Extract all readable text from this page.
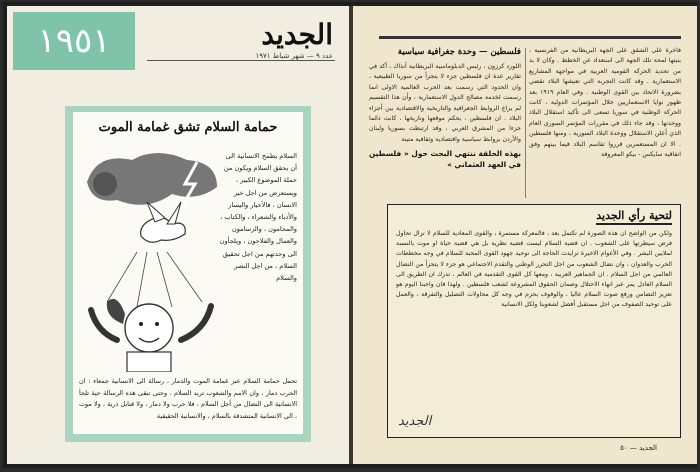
١٩٥١	الجديد
عدد ٩ — شهر شباط ١٩٧١
حمامة السلام تشق غمامة الموت
السلام يطمح الانسانية الى أن يحقق السلام ويكون من حملة الموضوع الكبير ، ويستعرض من اجل خير الانسان ، فالأخيار واليسار والأدباء والشعراء ، والكتاب ، والمحامون ، والرسامون والعمال والفلاحون ، ويلجأون الى وحدتهم من اجل تحقيق السلام ، من اجل النصر والسلام
تحمل حمامة السلام عبر غمامة الموت والدمار ، رسالة الى الانسانية جمعاء : ان الحرب دمار ، وان الامم والشعوب تريد السلام . وحتى تبقى هذه الرسالة حية تلجأ الانسانية الى النضال من أجل السلام ، فلا حرب ولا دمار ، ولا قنابل ذرية ، ولا موت ، الى الانسانية المتشدقة بالسلام ، والانسانية الحقيقية
فاخرة على الشقق على الجهة البريطانية من الفرنسية ، بنيتها لمحة تلك الجهة الى استعداد عن الخطط . وكان لا بد من تحديد الحركة القومية العربية في مواجهة المشاريع الاستعمارية . وقد كانت التجربة التي تعيشها البلاد تقضي بضرورة الاتحاد بين القوى الوطنية . وفي العام ١٩١٩ بعد ظهور نوايا الاستعماريين خلال المؤتمرات الدولية ، كانت الحركة الوطنية في سوريا تسعى الى تأكيد استقلال البلاد ووحدتها ، وقد جاء ذلك في مقررات المؤتمر السوري العام الذي أعلن الاستقلال ووحدة البلاد السورية ، ومنها فلسطين . الا ان المستعمرين قرروا تقاسم البلاد فيما بينهم وفق اتفاقية سايكس - بيكو المعروفة
فلسطين — وحدة جغرافية سياسية
اللورد كرزون ، رئيس الدبلوماسية البريطانية آنذاك ، أكد في تقارير عدة ان فلسطين جزء لا يتجزأ من سوريا الطبيعية ، وان الحدود التي رسمت بعد الحرب العالمية الاولى انما رسمت لخدمة مصالح الدول الاستعمارية ، وأن هذا التقسيم لم يراع الروابط الجغرافية والتاريخية والاقتصادية بين أجزاء البلاد . ان فلسطين ، بحكم موقعها وتاريخها ، كانت دائما جزءا من المشرق العربي ، وقد ارتبطت بسوريا ولبنان والأردن بروابط سياسية واقتصادية وثقافية متينة
بهذه الحلقة ننتهي البحث حول « فلسطين في العهد العثماني »
لتحية رأي الجديد
ولكن من الواضح ان هذه الصورة لم تكتمل بعد ، فالمعركة مستمرة ، والقوى المعادية للسلام لا تزال تحاول فرض سيطرتها على الشعوب . ان قضية السلام ليست قضية نظرية بل هي قضية حياة او موت بالنسبة لملايين البشر . وفي الأعوام الاخيرة تزايدت الحاجة الى توحيد جهود القوى المحبة للسلام في وجه مخططات الحرب والعدوان ، وان نضال الشعوب من اجل التحرر الوطني والتقدم الاجتماعي هو جزء لا يتجزأ من النضال العالمي من اجل السلام . ان الجماهير العربية ، ومعها كل القوى التقدمية في العالم ، تدرك ان الطريق الى السلام العادل يمر عبر انهاء الاحتلال وضمان الحقوق المشروعة لشعب فلسطين . ولهذا فان واجبنا اليوم هو تعزيز التضامن ورفع صوت السلام عاليا ، والوقوف بحزم في وجه كل محاولات التضليل والتفرقة ، والعمل على توحيد الصفوف من اجل مستقبل أفضل لشعوبنا ولكل الانسانية
الجديد
الجديد — ٥٠
